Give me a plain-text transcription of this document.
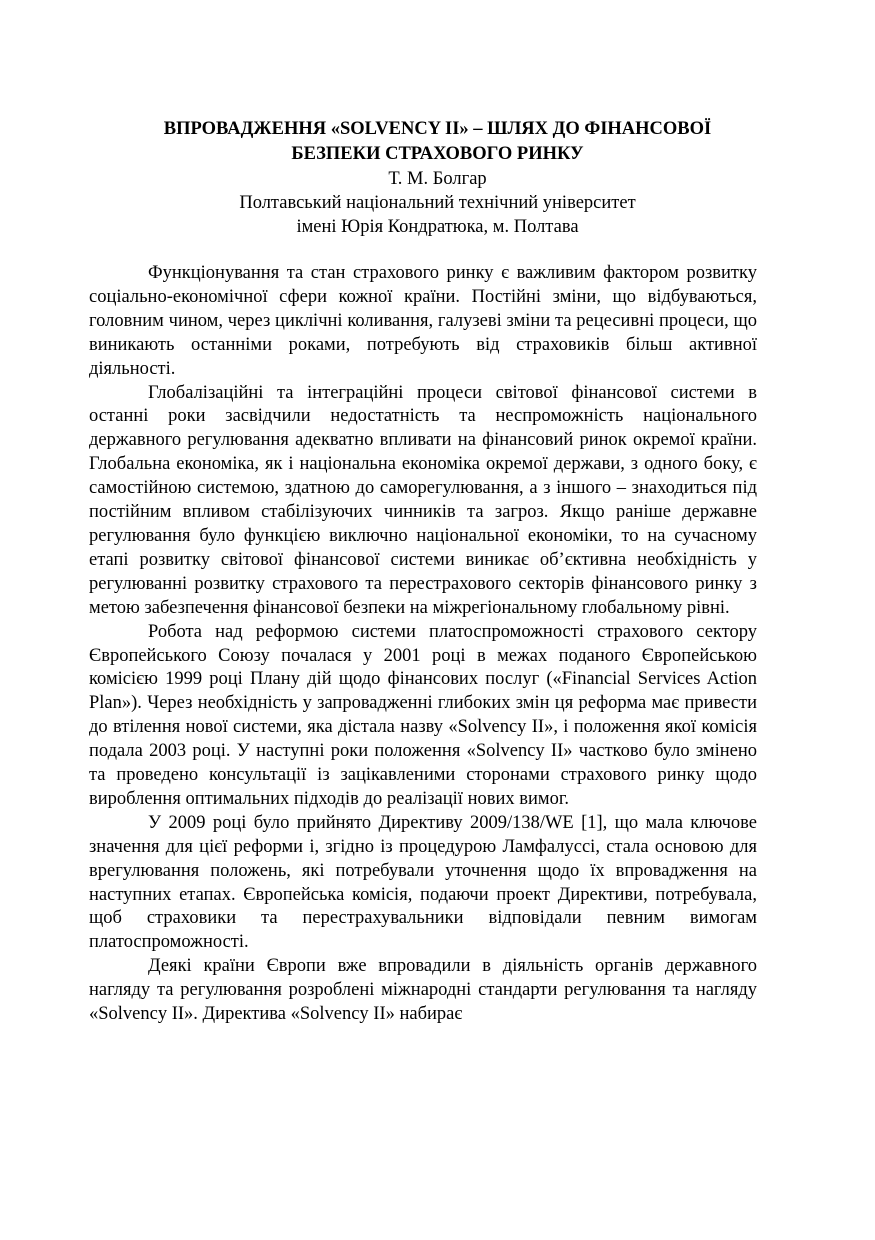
ВПРОВАДЖЕННЯ «SOLVENCY II» – ШЛЯХ ДО ФІНАНСОВОЇ
БЕЗПЕКИ СТРАХОВОГО РИНКУ

Т. М. Болгар

Полтавський національний технічний університет
імені Юрія Кондратюка, м. Полтава

Функціонування та стан страхового ринку є важливим фактором розвитку соціально-економічної сфери кожної країни. Постійні зміни, що відбуваються, головним чином, через циклічні коливання, галузеві зміни та рецесивні процеси, що виникають останніми роками, потребують від страховиків більш активної діяльності.

Глобалізаційні та інтеграційні процеси світової фінансової системи в останні роки засвідчили недостатність та неспроможність національного державного регулювання адекватно впливати на фінансовий ринок окремої країни. Глобальна економіка, як і національна економіка окремої держави, з одного боку, є самостійною системою, здатною до саморегулювання, а з іншого – знаходиться під постійним впливом стабілізуючих чинників та загроз. Якщо раніше державне регулювання було функцією виключно національної економіки, то на сучасному етапі розвитку світової фінансової системи виникає об’єктивна необхідність у регулюванні розвитку страхового та перестрахового секторів фінансового ринку з метою забезпечення фінансової безпеки на міжрегіональному глобальному рівні.

Робота над реформою системи платоспроможності страхового сектору Європейського Союзу почалася у 2001 році в межах поданого Європейською комісією 1999 році Плану дій щодо фінансових послуг («Financial Services Action Plan»). Через необхідність у запровадженні глибоких змін ця реформа має привести до втілення нової системи, яка дістала назву «Solvency II», і положення якої комісія подала 2003 році. У наступні роки положення «Solvency II» частково було змінено та проведено консультації із зацікавленими сторонами страхового ринку щодо вироблення оптимальних підходів до реалізації нових вимог.

У 2009 році було прийнято Директиву 2009/138/WE [1], що мала ключове значення для цієї реформи і, згідно із процедурою Ламфалуссі, стала основою для врегулювання положень, які потребували уточнення щодо їх впровадження на наступних етапах. Європейська комісія, подаючи проект Директиви, потребувала, щоб страховики та перестрахувальники відповідали певним вимогам платоспроможності.

Деякі країни Європи вже впровадили в діяльність органів державного нагляду та регулювання розроблені міжнародні стандарти регулювання та нагляду «Solvency II». Директива «Solvency II» набирає
